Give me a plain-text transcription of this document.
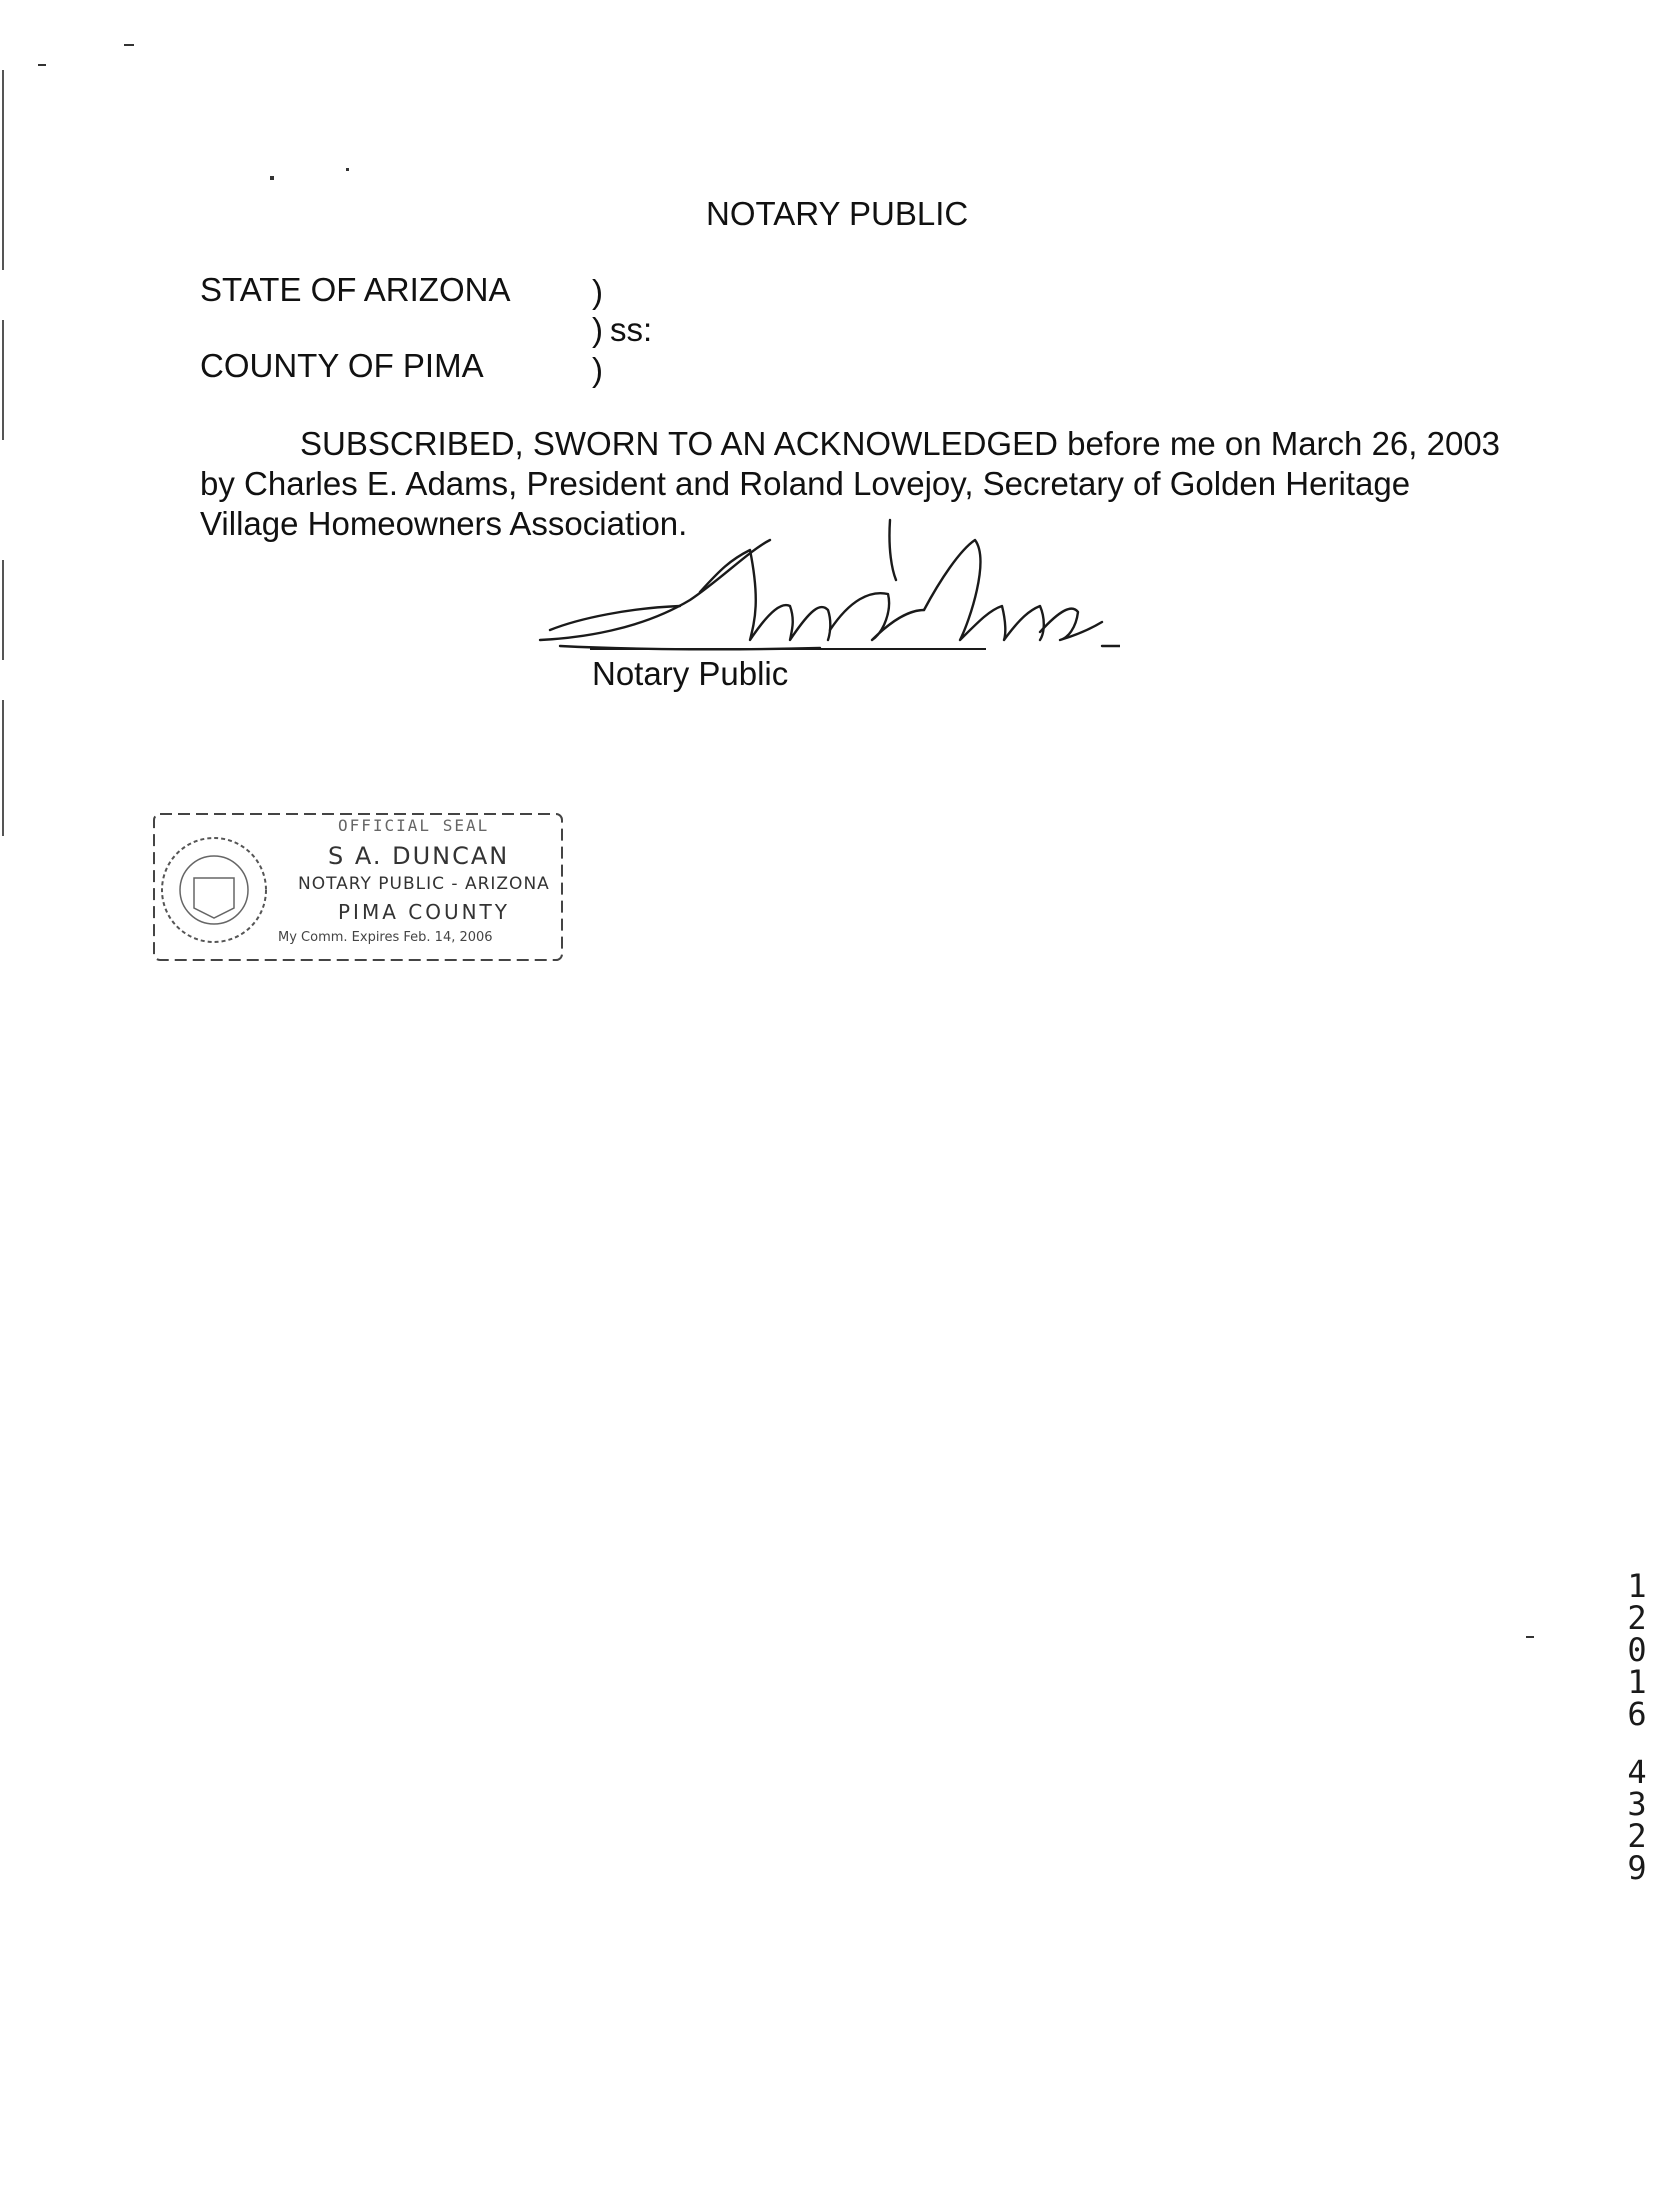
NOTARY PUBLIC
STATE OF ARIZONA )
) ss:
COUNTY OF PIMA	)
SUBSCRIBED, SWORN TO AN ACKNOWLEDGED before me on March 26, 2003 by Charles E. Adams, President and Roland Lovejoy, Secretary of Golden Heritage Village Homeowners Association.
Notary Public
OFFICIAL SEAL
S A. DUNCAN
NOTARY PUBLIC - ARIZONA
PIMA COUNTY
My Comm. Expires Feb. 14, 2006
1
2
0
1
6
4
3
2
9
